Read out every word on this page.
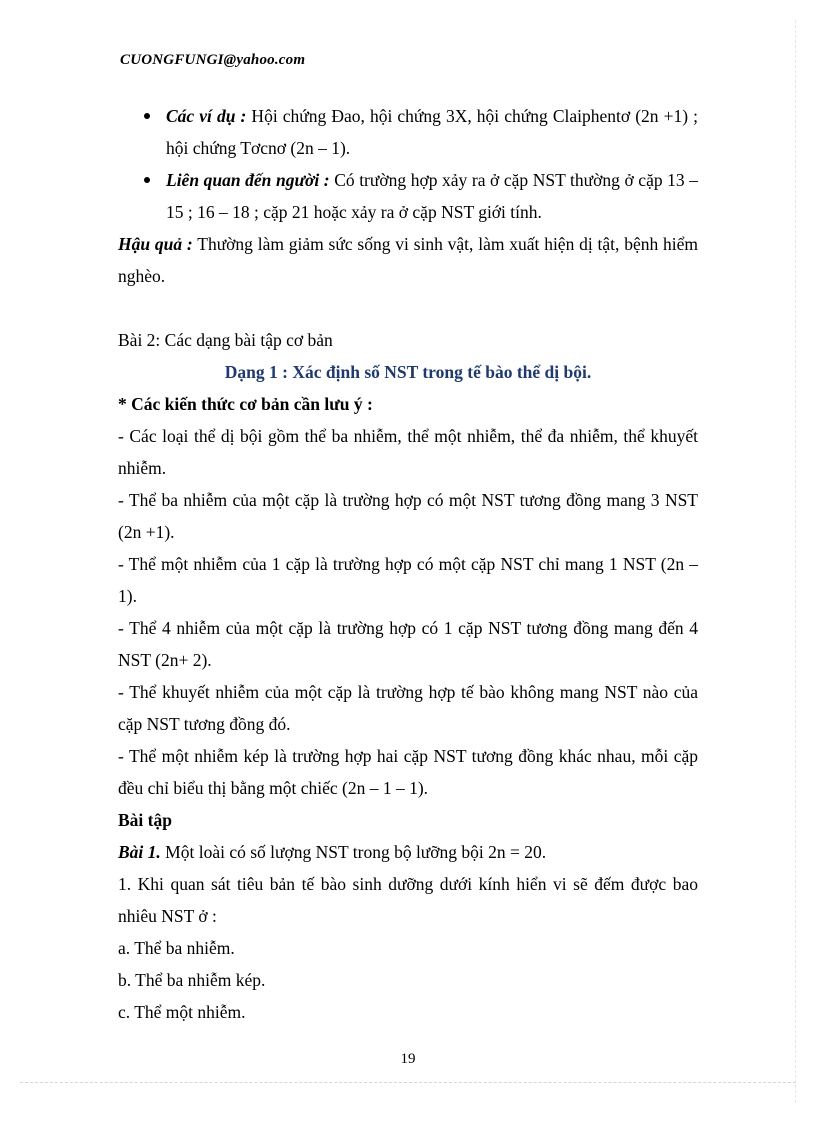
CUONGFUNGI@yahoo.com
Các ví dụ : Hội chứng Đao, hội chứng 3X, hội chứng Claiphentơ (2n +1) ; hội chứng Tơcnơ (2n – 1).
Liên quan đến người : Có trường hợp xảy ra ở cặp NST thường ở cặp 13 – 15 ; 16 – 18 ; cặp 21 hoặc xảy ra ở cặp NST giới tính.

Hậu quả : Thường làm giảm sức sống vi sinh vật, làm xuất hiện dị tật, bệnh hiểm nghèo.

Bài 2: Các dạng bài tập cơ bản

Dạng 1 : Xác định số NST trong tế bào thể dị bội.

* Các kiến thức cơ bản cần lưu ý :

- Các loại thể dị bội gồm thể ba nhiễm, thể một nhiễm, thể đa nhiễm, thể khuyết nhiễm.

- Thể ba nhiễm của một cặp là trường hợp có một NST tương đồng mang 3 NST (2n +1).

- Thể một nhiễm của 1 cặp là trường hợp có một cặp NST chỉ mang 1 NST (2n – 1).

- Thể 4 nhiễm của một cặp là trường hợp có 1 cặp NST tương đồng mang đến 4 NST (2n+ 2).

- Thể khuyết nhiễm của một cặp là trường hợp tế bào không mang NST nào của cặp NST tương đồng đó.

- Thể một nhiễm kép là trường hợp hai cặp NST tương đồng khác nhau, mỗi cặp đều chỉ biểu thị bằng một chiếc (2n – 1 – 1).

Bài tập

Bài 1. Một loài có số lượng NST trong bộ lưỡng bội 2n = 20.

1. Khi quan sát tiêu bản tế bào sinh dưỡng dưới kính hiển vi sẽ đếm được bao nhiêu NST ở :

a. Thể ba nhiễm.

b. Thể ba nhiễm kép.

c. Thể một nhiễm.

19
